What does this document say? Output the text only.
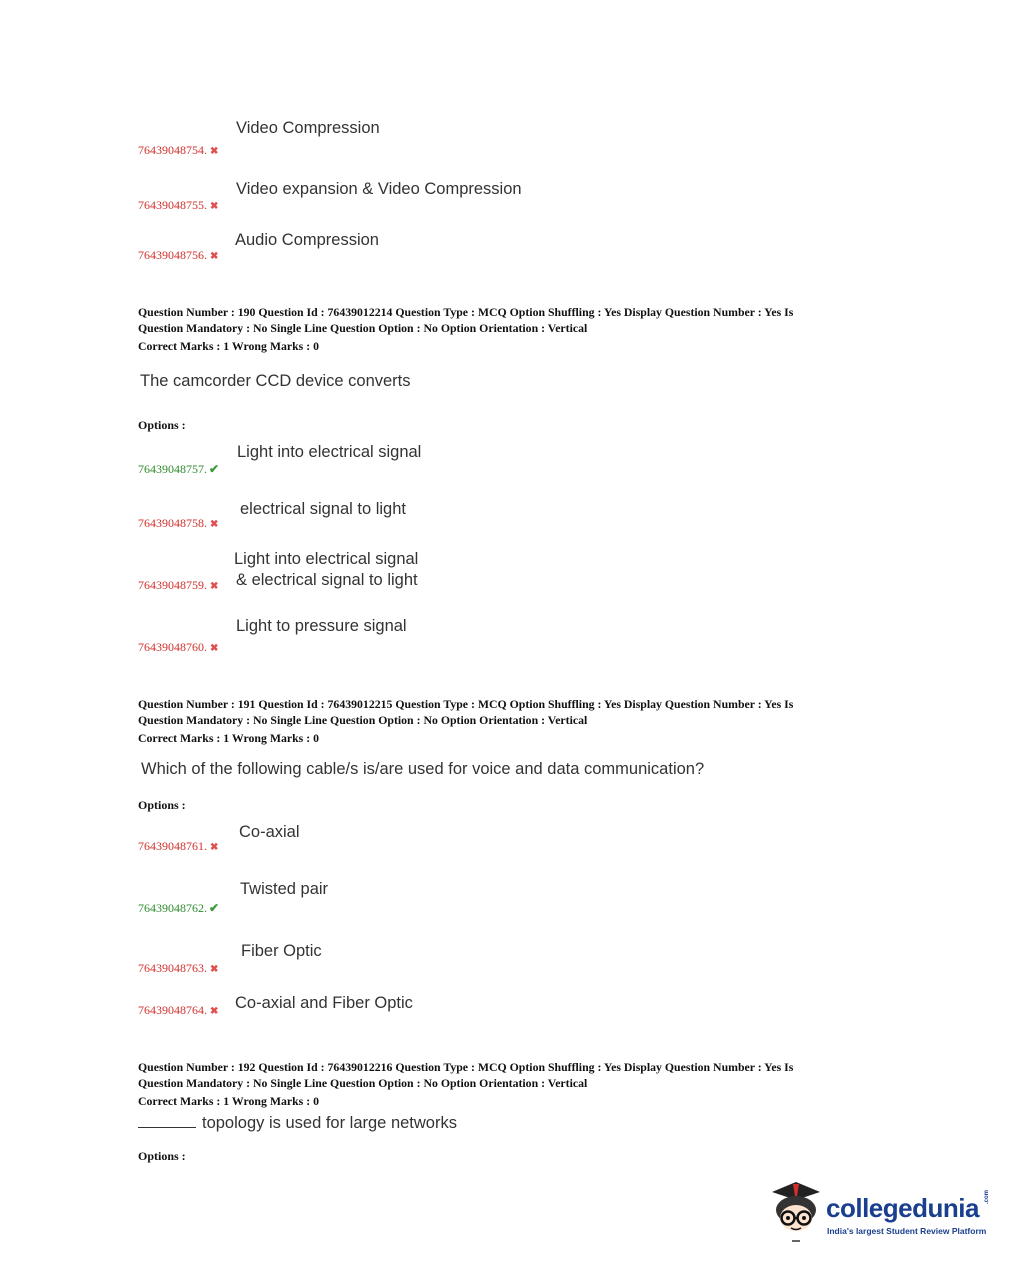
Video Compression
76439048754. ✖
Video expansion & Video Compression
76439048755. ✖
Audio Compression
76439048756. ✖
Question Number : 190 Question Id : 76439012214 Question Type : MCQ Option Shuffling : Yes Display Question Number : Yes Is
Question Mandatory : No Single Line Question Option : No Option Orientation : Vertical
Correct Marks : 1 Wrong Marks : 0
The camcorder CCD device converts
Options :
Light into electrical signal
76439048757. ✔
electrical signal to light
76439048758. ✖
Light into electrical signal
& electrical signal to light
76439048759. ✖
Light to pressure signal
76439048760. ✖
Question Number : 191 Question Id : 76439012215 Question Type : MCQ Option Shuffling : Yes Display Question Number : Yes Is
Question Mandatory : No Single Line Question Option : No Option Orientation : Vertical
Correct Marks : 1 Wrong Marks : 0
Which of the following cable/s is/are used for voice and data communication?
Options :
Co-axial
76439048761. ✖
Twisted pair
76439048762. ✔
Fiber Optic
76439048763. ✖
Co-axial and Fiber Optic
76439048764. ✖
Question Number : 192 Question Id : 76439012216 Question Type : MCQ Option Shuffling : Yes Display Question Number : Yes Is
Question Mandatory : No Single Line Question Option : No Option Orientation : Vertical
Correct Marks : 1 Wrong Marks : 0
topology is used for large networks
Options :
collegedunia .com
India's largest Student Review Platform
